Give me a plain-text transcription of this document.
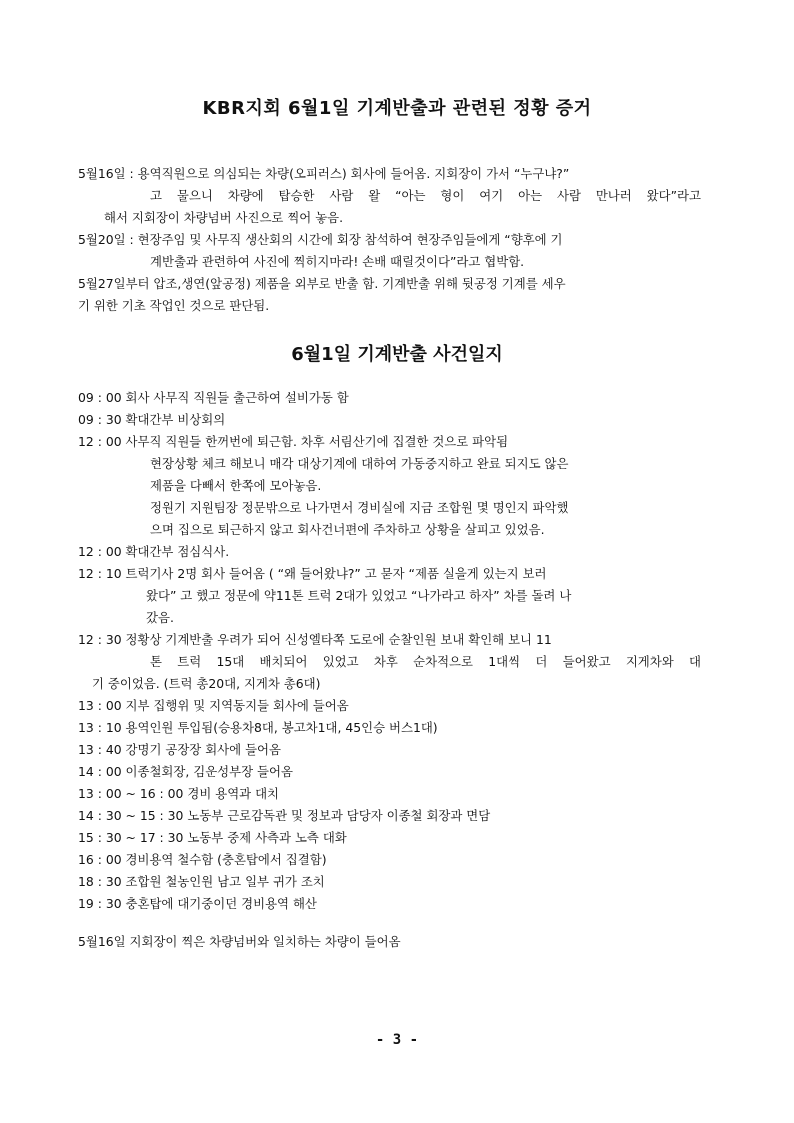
KBR지회 6월1일 기계반출과 관련된 정황 증거
5월16일 : 용역직원으로 의심되는 차량(오피러스) 회사에 들어옴. 지회장이 가서 “누구냐?”
고 물으니 차량에 탑승한 사람 왈 “아는 형이 여기 아는 사람 만나러 왔다”라고
해서 지회장이 차량넘버 사진으로 찍어 놓음.
5월20일 : 현장주임 및 사무직 생산회의 시간에 회장 참석하여 현장주임들에게 “향후에 기
계반출과 관련하여 사진에 찍히지마라! 손배 때릴것이다”라고 협박함.
5월27일부터 압조,생연(앞공정) 제품을 외부로 반출 함. 기계반출 위해 뒷공정 기계를 세우
기 위한 기초 작업인 것으로 판단됨.
6월1일 기계반출 사건일지
09 : 00 회사 사무직 직원들 출근하여 설비가동 함
09 : 30 확대간부 비상회의
12 : 00 사무직 직원들 한꺼번에 퇴근함. 차후 서림산기에 집결한 것으로 파악됨
현장상황 체크 해보니 매각 대상기계에 대하여 가동중지하고 완료 되지도 않은
제품을 다빼서 한쪽에 모아놓음.
정원기 지원팀장 정문밖으로 나가면서 경비실에 지금 조합원 몇 명인지 파악했
으며 집으로 퇴근하지 않고 회사건너편에 주차하고 상황을 살피고 있었음.
12 : 00 확대간부 점심식사.
12 : 10 트럭기사 2명 회사 들어옴 ( “왜 들어왔냐?” 고 묻자 “제품 실을게 있는지 보러
왔다” 고 했고 정문에 약11톤 트럭 2대가 있었고 “나가라고 하자” 차를 돌려 나
갔음.
12 : 30 정황상 기계반출 우려가 되어 신성엘타쪽 도로에 순찰인원 보내 확인해 보니 11
톤 트럭 15대 배치되어 있었고 차후 순차적으로 1대씩 더 들어왔고 지게차와 대
기 중이었음. (트럭 총20대, 지게차 총6대)
13 : 00 지부 집행위 및 지역동지들 회사에 들어옴
13 : 10 용역인원 투입됨(승용차8대, 봉고차1대, 45인승 버스1대)
13 : 40 강명기 공장장 회사에 들어옴
14 : 00 이종철회장, 김운성부장 들어옴
13 : 00 ~ 16 : 00 경비 용역과 대치
14 : 30 ~ 15 : 30 노동부 근로감독관 및 정보과 담당자 이종철 회장과 면담
15 : 30 ~ 17 : 30 노동부 중제 사측과 노측 대화
16 : 00 경비용역 철수함 (충혼탑에서 집결함)
18 : 30 조합원 철농인원 남고 일부 귀가 조치
19 : 30 충혼탑에 대기중이던 경비용역 해산
5월16일 지회장이 찍은 차량넘버와 일치하는 차량이 들어옴
- 3 -
